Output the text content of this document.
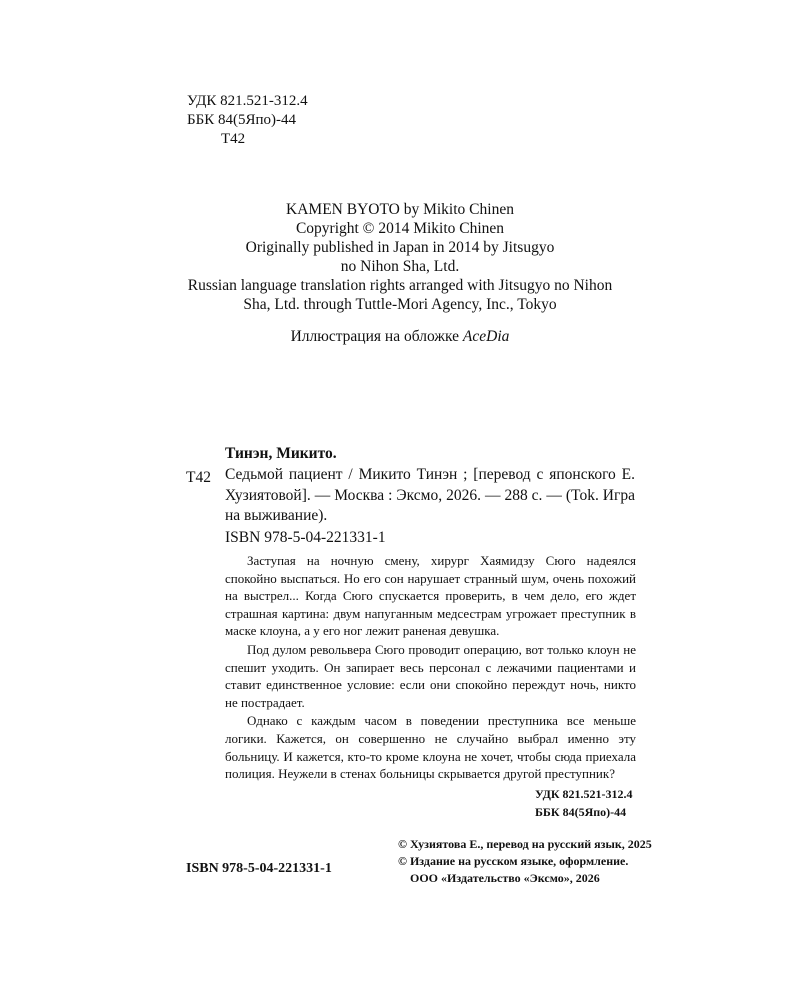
УДК 821.521-312.4
ББК 84(5Япо)-44
Т42
KAMEN BYOTO by Mikito Chinen
Copyright © 2014 Mikito Chinen
Originally published in Japan in 2014 by Jitsugyo
no Nihon Sha, Ltd.
Russian language translation rights arranged with Jitsugyo no Nihon
Sha, Ltd. through Tuttle-Mori Agency, Inc., Tokyo
Иллюстрация на обложке AceDia
Тинэн, Микито.
Т42 Седьмой пациент / Микито Тинэн ; [перевод с японского Е. Хузиятовой]. — Москва : Эксмо, 2026. — 288 с. — (Tok. Игра на выживание).
ISBN 978-5-04-221331-1

Заступая на ночную смену, хирург Хаямидзу Сюго надеялся спокойно выспаться. Но его сон нарушает странный шум, очень похожий на выстрел... Когда Сюго спускается проверить, в чем дело, его ждет страшная картина: двум напуганным медсестрам угрожает преступник в маске клоуна, а у его ног лежит раненая девушка.

Под дулом револьвера Сюго проводит операцию, вот только клоун не спешит уходить. Он запирает весь персонал с лежачими пациентами и ставит единственное условие: если они спокойно переждут ночь, никто не пострадает.

Однако с каждым часом в поведении преступника все меньше логики. Кажется, он совершенно не случайно выбрал именно эту больницу. И кажется, кто-то кроме клоуна не хочет, чтобы сюда приехала полиция. Неужели в стенах больницы скрывается другой преступник?

УДК 821.521-312.4
ББК 84(5Япо)-44
ISBN 978-5-04-221331-1
© Хузиятова Е., перевод на русский язык, 2025
© Издание на русском языке, оформление.
ООО «Издательство «Эксмо», 2026
